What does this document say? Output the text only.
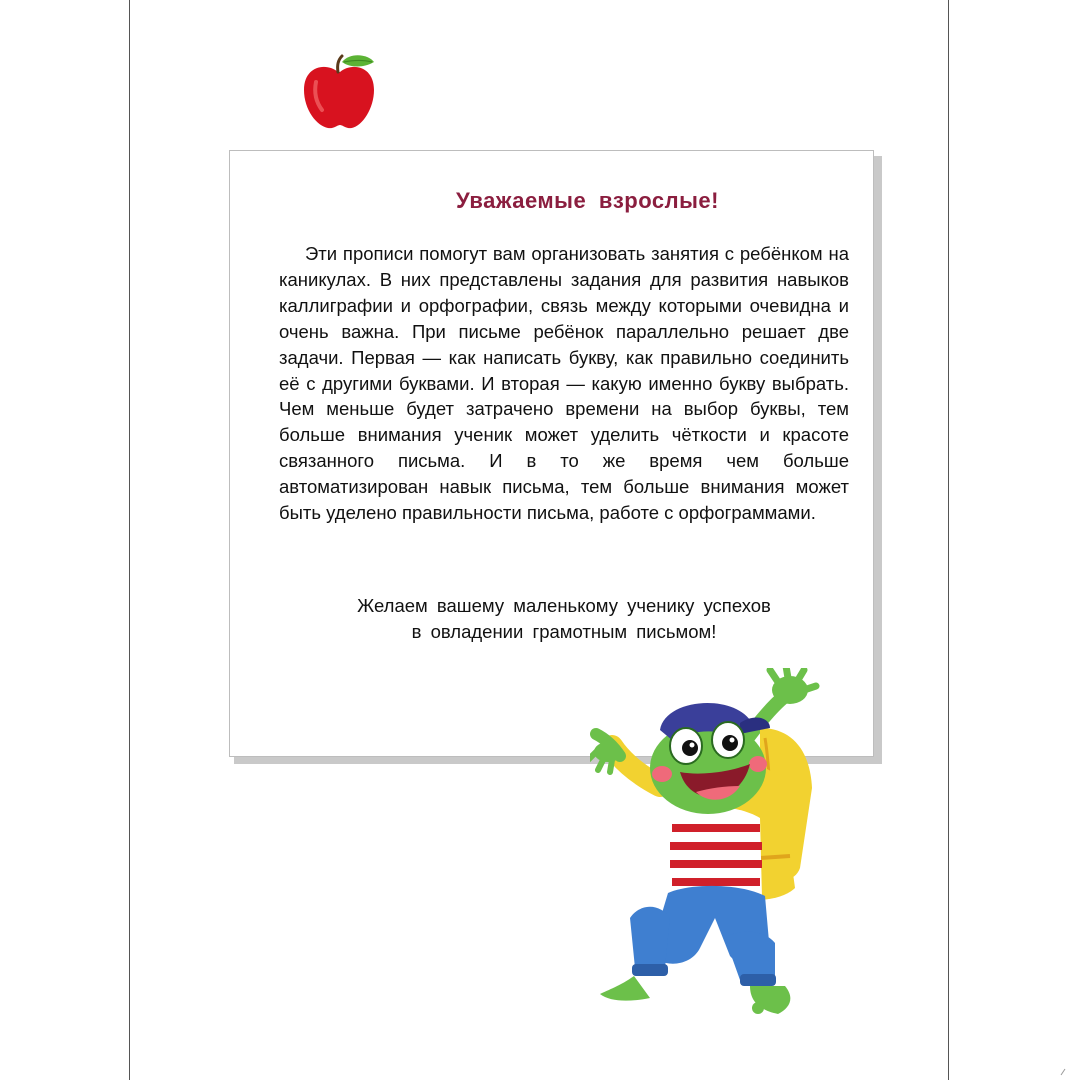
Уважаемые взрослые!

Эти прописи помогут вам организовать занятия с ребёнком на каникулах. В них представлены задания для развития навыков каллиграфии и орфографии, связь между которыми очевидна и очень важна. При письме ребёнок параллельно решает две задачи. Первая — как написать букву, как правильно соединить её с другими буквами. И вторая — какую именно букву выбрать. Чем меньше будет затрачено времени на выбор буквы, тем больше внимания ученик может уделить чёткости и красоте связанного письма. И в то же время чем больше автоматизирован навык письма, тем больше внимания может быть уделено правильности письма, работе с орфограммами.

Желаем вашему маленькому ученику успехов
в овладении грамотным письмом!
